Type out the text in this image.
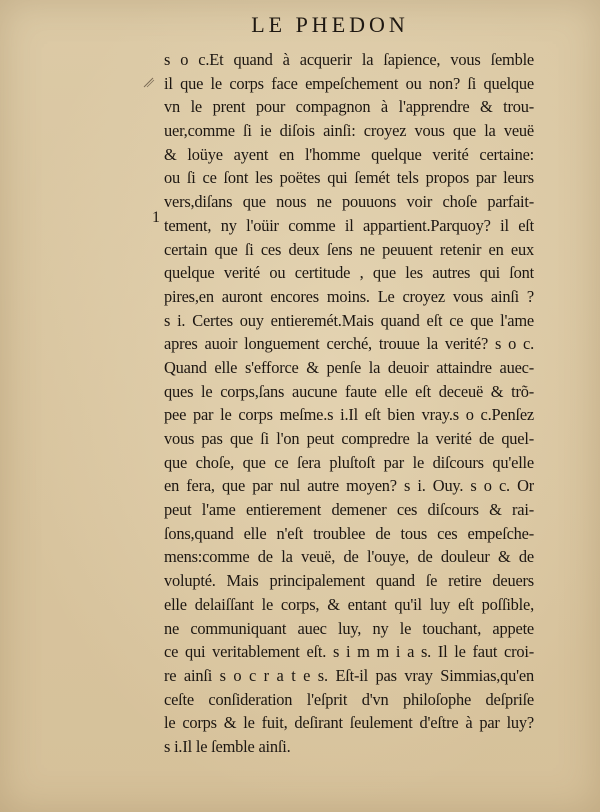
LE PHEDON
1
s o c.Et quand à acquerir la ſapience, vous ſemble
il que le corps face empeſchement ou non? ſi quelque
vn le prent pour compagnon à l'apprendre & trou-
uer,comme ſi ie diſois ainſi: croyez vous que la veuë
& loüye ayent en l'homme quelque verité certaine:
ou ſi ce ſont les poëtes qui ſemét tels propos par leurs
vers,diſans que nous ne pouuons voir choſe parfait-
tement, ny l'oüir comme il appartient.Parquoy? il eſt
certain que ſi ces deux ſens ne peuuent retenir en eux
quelque verité ou certitude , que les autres qui ſont
pires,en auront encores moins. Le croyez vous ainſi ?
s i. Certes ouy entieremét.Mais quand eſt ce que l'ame
apres auoir longuement cerché, trouue la verité? s o c.
Quand elle s'efforce & penſe la deuoir attaindre auec-
ques le corps,ſans aucune faute elle eſt deceuë & trõ-
pee par le corps meſme.s i.Il eſt bien vray.s o c.Penſez
vous pas que ſi l'on peut compredre la verité de quel-
que choſe, que ce ſera pluſtoſt par le diſcours qu'elle
en fera, que par nul autre moyen? s i. Ouy. s o c. Or
peut l'ame entierement demener ces diſcours & rai-
ſons,quand elle n'eſt troublee de tous ces empeſche-
mens:comme de la veuë, de l'ouye, de douleur & de
volupté. Mais principalement quand ſe retire deuers
elle delaiſſant le corps, & entant qu'il luy eſt poſſible,
ne communiquant auec luy, ny le touchant, appete
ce qui veritablement eſt. s i m m i a s. Il le faut croi-
re ainſi s o c r a t e s. Eſt-il pas vray Simmias,qu'en
ceſte conſideration l'eſprit d'vn philoſophe deſpriſe
le corps & le fuit, deſirant ſeulement d'eſtre à par luy?
s i.Il le ſemble ainſi.
